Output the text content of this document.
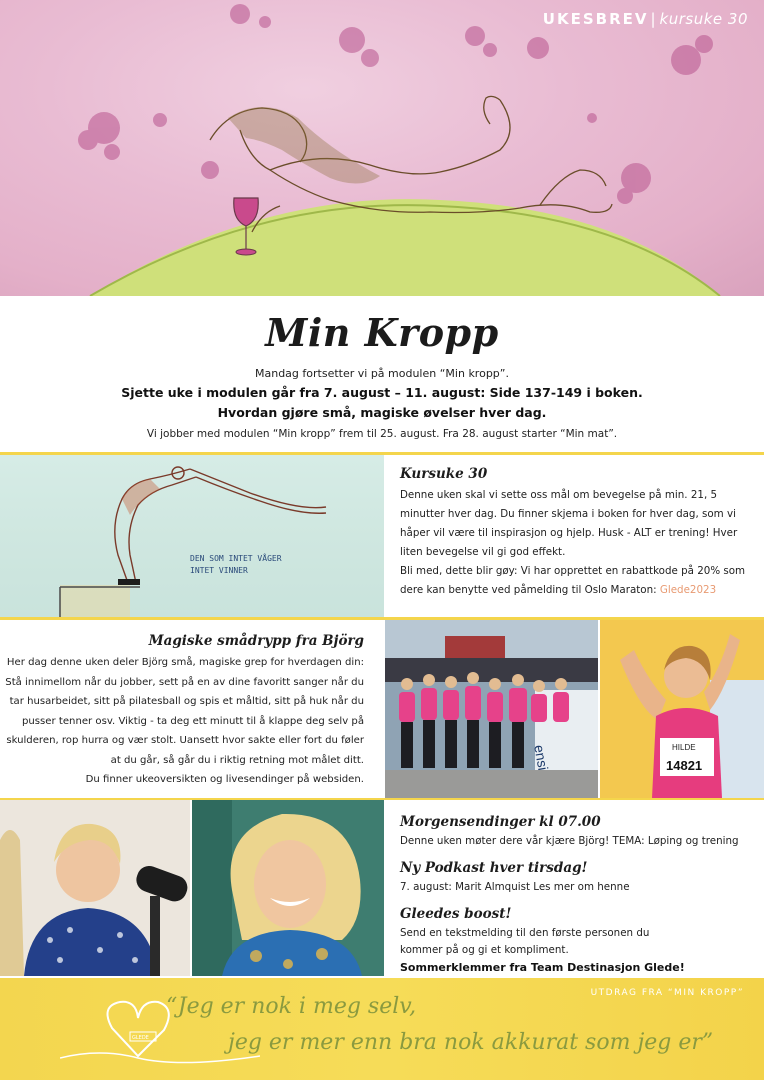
UKESBREV | kursuke 30
Min Kropp
Mandag fortsetter vi på modulen “Min kropp”.
Sjette uke i modulen går fra 7. august – 11. august: Side 137-149 i boken.
Hvordan gjøre små, magiske øvelser hver dag.
Vi jobber med modulen “Min kropp” frem til 25. august. Fra 28. august starter “Min mat”.
DEN SOM INTET VÅGER
INTET VINNER
Kursuke 30

Denne uken skal vi sette oss mål om bevegelse på min. 21, 5 minutter hver dag. Du finner skjema i boken for hver dag, som vi håper vil være til inspirasjon og hjelp. Husk - ALT er trening! Hver liten bevegelse vil gi god effekt.

Bli med, dette blir gøy: Vi har opprettet en rabattkode på 20% som dere kan benytte ved påmelding til Oslo Maraton: Glede2023

Magiske smådrypp fra Björg

Her dag denne uken deler Björg små, magiske grep for hverdagen din: Stå innimellom når du jobber, sett på en av dine favoritt sanger når du tar husarbeidet, sitt på pilatesball og spis et måltid, sitt på huk når du pusser tenner osv. Viktig - ta deg ett minutt til å klappe deg selv på skulderen, rop hurra og vær stolt. Uansett hvor sakte eller fort du føler at du går, så går du i riktig retning mot målet ditt.
Du finner ukeoversikten og livesendinger på websiden.

HILDE
14821
Morgensendinger kl 07.00
Denne uken møter dere vår kjære Björg! TEMA: Løping og trening
Ny Podkast hver tirsdag!
7. august: Marit Almquist Les mer om henne
Gleedes boost!
Send en tekstmelding til den første personen du kommer på og gi et kompliment.
Sommerklemmer fra Team Destinasjon Glede!
GLEDE
UTDRAG FRA “MIN KROPP”
“Jeg er nok i meg selv,
jeg er mer enn bra nok akkurat som jeg er”
